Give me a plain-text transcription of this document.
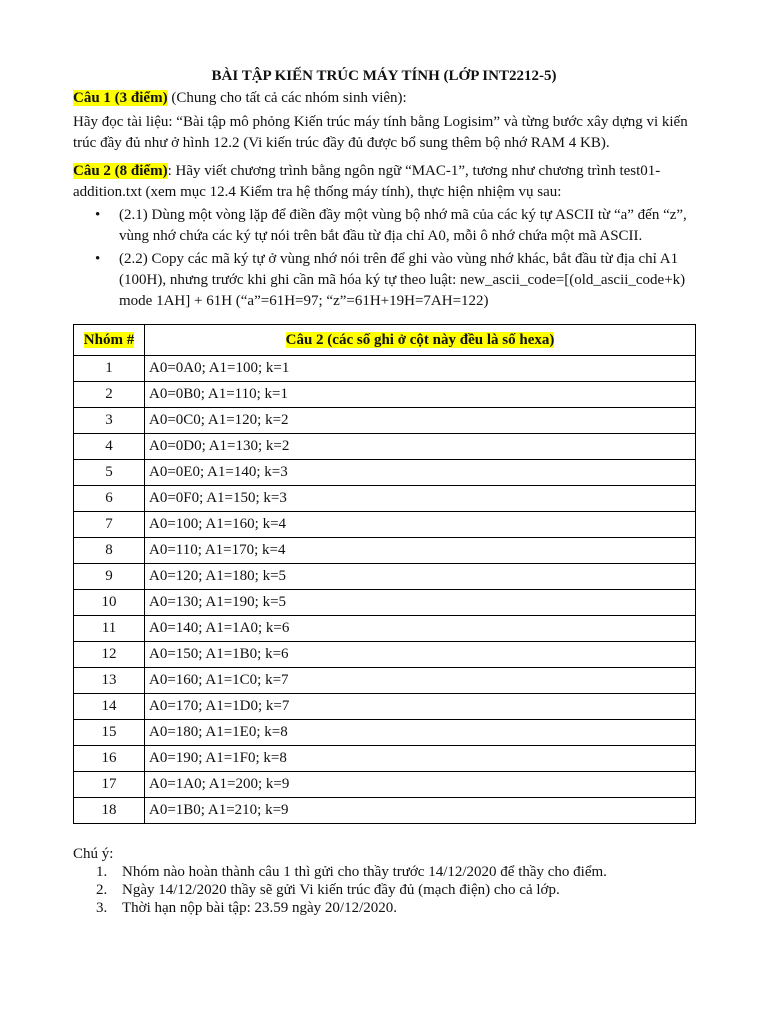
BÀI TẬP KIẾN TRÚC MÁY TÍNH (LỚP INT2212-5)

Câu 1 (3 điểm) (Chung cho tất cả các nhóm sinh viên):

Hãy đọc tài liệu: “Bài tập mô phỏng Kiến trúc máy tính bằng Logisim” và từng bước xây dựng vi kiến trúc đầy đủ như ở hình 12.2 (Vi kiến trúc đầy đủ được bổ sung thêm bộ nhớ RAM 4 KB).

Câu 2 (8 điểm): Hãy viết chương trình bằng ngôn ngữ “MAC-1”, tương như chương trình test01-addition.txt (xem mục 12.4 Kiểm tra hệ thống máy tính), thực hiện nhiệm vụ sau:

• (2.1) Dùng một vòng lặp để điền đầy một vùng bộ nhớ mã của các ký tự ASCII từ “a” đến “z”, vùng nhớ chứa các ký tự nói trên bắt đầu từ địa chỉ A0, mỗi ô nhớ chứa một mã ASCII.
• (2.2) Copy các mã ký tự ở vùng nhớ nói trên để ghi vào vùng nhớ khác, bắt đầu từ địa chỉ A1 (100H), nhưng trước khi ghi cần mã hóa ký tự theo luật: new_ascii_code=[(old_ascii_code+k) mode 1AH] + 61H (“a”=61H=97; “z”=61H+19H=7AH=122)
Nhóm #	Câu 2 (các số ghi ở cột này đều là số hexa)
1	A0=0A0; A1=100; k=1
2	A0=0B0; A1=110; k=1
3	A0=0C0; A1=120; k=2
4	A0=0D0; A1=130; k=2
5	A0=0E0; A1=140; k=3
6	A0=0F0; A1=150; k=3
7	A0=100; A1=160; k=4
8	A0=110; A1=170; k=4
9	A0=120; A1=180; k=5
10	A0=130; A1=190; k=5
11	A0=140; A1=1A0; k=6
12	A0=150; A1=1B0; k=6
13	A0=160; A1=1C0; k=7
14	A0=170; A1=1D0; k=7
15	A0=180; A1=1E0; k=8
16	A0=190; A1=1F0; k=8
17	A0=1A0; A1=200; k=9
18	A0=1B0; A1=210; k=9
Chú ý:
1. Nhóm nào hoàn thành câu 1 thì gửi cho thầy trước 14/12/2020 để thầy cho điểm.
2. Ngày 14/12/2020 thầy sẽ gửi Vi kiến trúc đầy đủ (mạch điện) cho cả lớp.
3. Thời hạn nộp bài tập: 23.59 ngày 20/12/2020.
